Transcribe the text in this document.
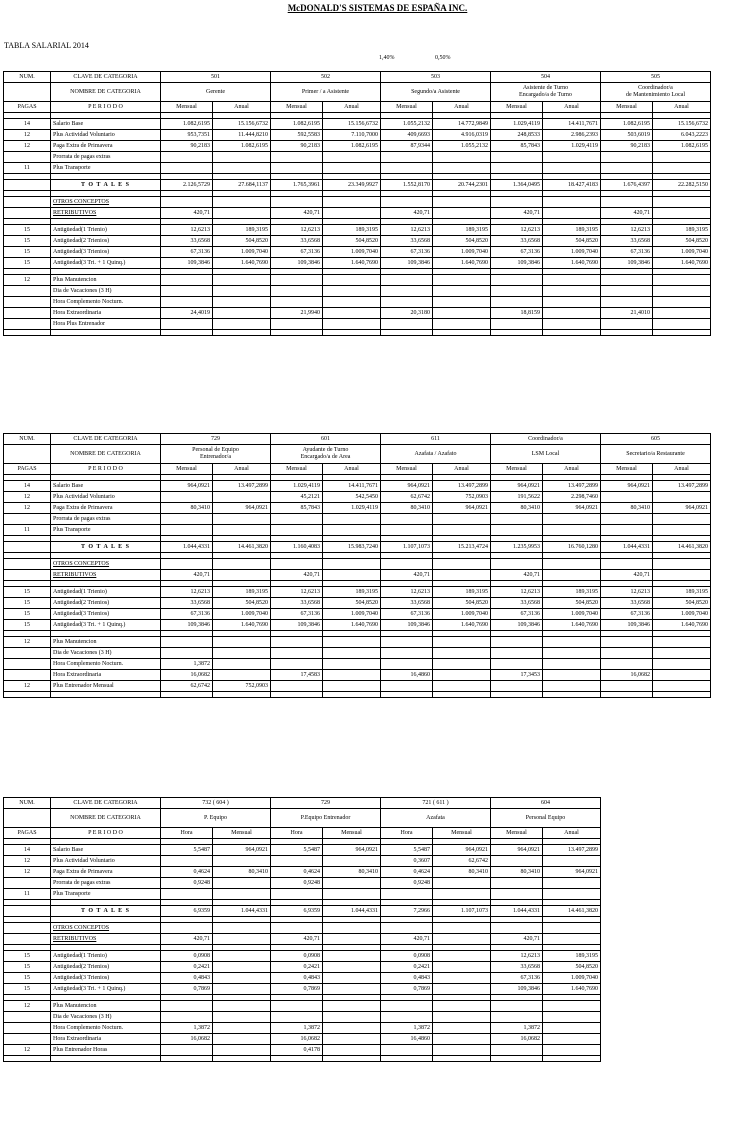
McDONALD'S SISTEMAS DE ESPAÑA INC.
TABLA SALARIAL 2014
1,40%	0,50%
NUM.	CLAVE DE CATEGORIA	501		502		503		504		505	
	NOMBRE DE CATEGORIA	Gerente		Primer / a Asistente		Segundo/a Asistente		Asistente de Turno
Encargado/a de Turno		Coordinador/a
de Mantenimiento Local	
PAGAS	P E R I O D O	Mensual	Anual	Mensual	Anual	Mensual	Anual	Mensual	Anual	Mensual	Anual

14	Salario Base	1.082,6195	15.156,6732	1.082,6195	15.156,6732	1.055,2132	14.772,9849	1.029,4119	14.411,7671	1.082,6195	15.156,6732
12	Plus Actividad Voluntario	953,7351	11.444,8210	592,5583	7.110,7000	409,6693	4.916,0319	248,8533	2.986,2393	503,6019	6.043,2223
12	Paga Extra de Primavera	90,2183	1.082,6195	90,2183	1.082,6195	87,9344	1.055,2132	85,7843	1.029,4119	90,2183	1.082,6195
	Prorrata de pagas extras										
11	Plus Transporte										

	T O T A L E S	2.126,5729	27.684,1137	1.765,3961	23.349,9927	1.552,8170	20.744,2301	1.364,0495	18.427,4183	1.676,4397	22.282,5150

	OTROS CONCEPTOS										
	RETRIBUTIVOS	420,71		420,71		420,71		420,71		420,71	

15	Antigüedad(1 Trienio)	12,6213	189,3195	12,6213	189,3195	12,6213	189,3195	12,6213	189,3195	12,6213	189,3195
15	Antigüedad(2 Trienios)	33,6568	504,8520	33,6568	504,8520	33,6568	504,8520	33,6568	504,8520	33,6568	504,8520
15	Antigüedad(3 Trienios)	67,3136	1.009,7040	67,3136	1.009,7040	67,3136	1.009,7040	67,3136	1.009,7040	67,3136	1.009,7040
15	Antigüedad(3 Tri. + 1 Quinq.)	109,3846	1.640,7690	109,3846	1.640,7690	109,3846	1.640,7690	109,3846	1.640,7690	109,3846	1.640,7690

12	Plus Manutencion										
	Dia de Vacaciones (3 H)										
	Hora Complemento Nocturn.										
	Hora Extraordinaria	24,4019		21,9940		20,3180		18,8159		21,4010	
	Hora Plus Entrenador										

NUM.	CLAVE DE CATEGORIA	729		601		611		Coordinador/a		605	
	NOMBRE DE CATEGORIA	Personal de Equipo
Entrenador/a		Ayudante de Turno
Encargado/a de Area		Azafata / Azafato		LSM Local		Secretario/a Restaurante	
PAGAS	P E R I O D O	Mensual	Anual	Mensual	Anual	Mensual	Anual	Mensual	Anual	Mensual	Anual

14	Salario Base	964,0921	13.497,2899	1.029,4119	14.411,7671	964,0921	13.497,2899	964,0921	13.497,2899	964,0921	13.497,2899
12	Plus Actividad Voluntario			45,2121	542,5450	62,6742	752,0903	191,5622	2.298,7460		
12	Paga Extra de Primavera	80,3410	964,0921	85,7843	1.029,4119	80,3410	964,0921	80,3410	964,0921	80,3410	964,0921
	Prorrata de pagas extras										
11	Plus Transporte										

	T O T A L E S	1.044,4331	14.461,3820	1.160,4083	15.983,7240	1.107,1073	15.213,4724	1.235,9953	16.760,1280	1.044,4331	14.461,3820

	OTROS CONCEPTOS										
	RETRIBUTIVOS	420,71		420,71		420,71		420,71		420,71	

15	Antigüedad(1 Trienio)	12,6213	189,3195	12,6213	189,3195	12,6213	189,3195	12,6213	189,3195	12,6213	189,3195
15	Antigüedad(2 Trienios)	33,6568	504,8520	33,6568	504,8520	33,6568	504,8520	33,6568	504,8520	33,6568	504,8520
15	Antigüedad(3 Trienios)	67,3136	1.009,7040	67,3136	1.009,7040	67,3136	1.009,7040	67,3136	1.009,7040	67,3136	1.009,7040
15	Antigüedad(3 Tri. + 1 Quinq.)	109,3846	1.640,7690	109,3846	1.640,7690	109,3846	1.640,7690	109,3846	1.640,7690	109,3846	1.640,7690

12	Plus Manutencion										
	Dia de Vacaciones (3 H)										
	Hora Complemento Nocturn.	1,3872									
	Hora Extraordinaria	16,0682		17,4583		16,4860		17,3453		16,0682	
12	Plus Entrenador Mensual	62,6742	752,0903								

NUM.	CLAVE DE CATEGORIA	732 ( 604 )		729		721 ( 611 )		604	
	NOMBRE DE CATEGORIA	P. Equipo		P.Equipo Entrenador		Azafata		Personal Equipo	
PAGAS	P E R I O D O	Hora	Mensual	Hora	Mensual	Hora	Mensual	Mensual	Anual

14	Salario Base	5,5487	964,0921	5,5487	964,0921	5,5487	964,0921	964,0921	13.497,2899
12	Plus Actividad Voluntario					0,3607	62,6742		
12	Paga Extra de Primavera	0,4624	80,3410	0,4624	80,3410	0,4624	80,3410	80,3410	964,0921
	Prorrata de pagas extras	0,9248		0,9248		0,9248			
11	Plus Transporte								

	T O T A L E S	6,9359	1.044,4331	6,9359	1.044,4331	7,2966	1.107,1073	1.044,4331	14.461,3820

	OTROS CONCEPTOS								
	RETRIBUTIVOS	420,71		420,71		420,71		420,71	

15	Antigüedad(1 Trienio)	0,0908		0,0908		0,0908		12,6213	189,3195
15	Antigüedad(2 Trienios)	0,2421		0,2421		0,2421		33,6568	504,8520
15	Antigüedad(3 Trienios)	0,4843		0,4843		0,4843		67,3136	1.009,7040
15	Antigüedad(3 Tri. + 1 Quinq.)	0,7869		0,7869		0,7869		109,3846	1.640,7690

12	Plus Manutencion								
	Dia de Vacaciones (3 H)								
	Hora Complemento Nocturn.	1,3872		1,3872		1,3872		1,3872	
	Hora Extraordinaria	16,0682		16,0682		16,4860		16,0682	
12	Plus Entrenador Horas			0,4178					
